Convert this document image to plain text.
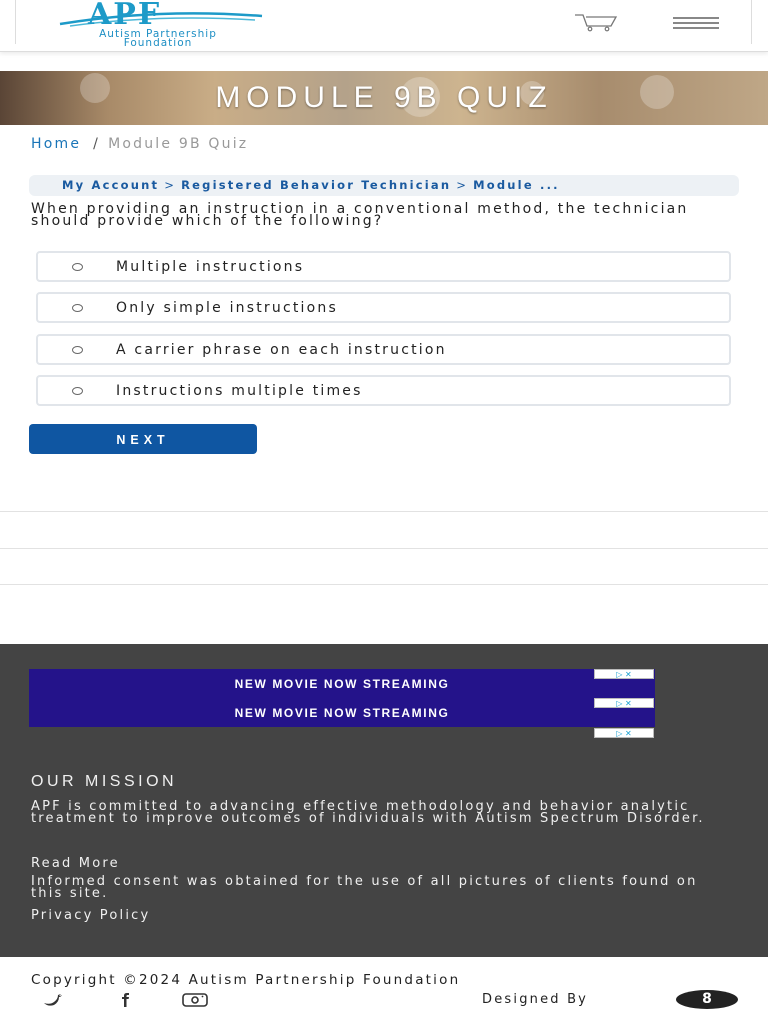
APF
Autism Partnership
Foundation
MODULE 9B QUIZ
Home / Module 9B Quiz
My Account > Registered Behavior Technician > Module ...
When providing an instruction in a conventional method, the technician should provide which of the following?
Multiple instructions
Only simple instructions
A carrier phrase on each instruction
Instructions multiple times
NEXT
NEW MOVIE NOW STREAMING
NEW MOVIE NOW STREAMING
▷ ✕
▷ ✕
▷ ✕
OUR MISSION
APF is committed to advancing effective methodology and behavior analytic treatment to improve outcomes of individuals with Autism Spectrum Disorder.
Read More
Informed consent was obtained for the use of all pictures of clients found on this site.
Privacy Policy
Copyright ©2024 Autism Partnership Foundation
Designed By	8
